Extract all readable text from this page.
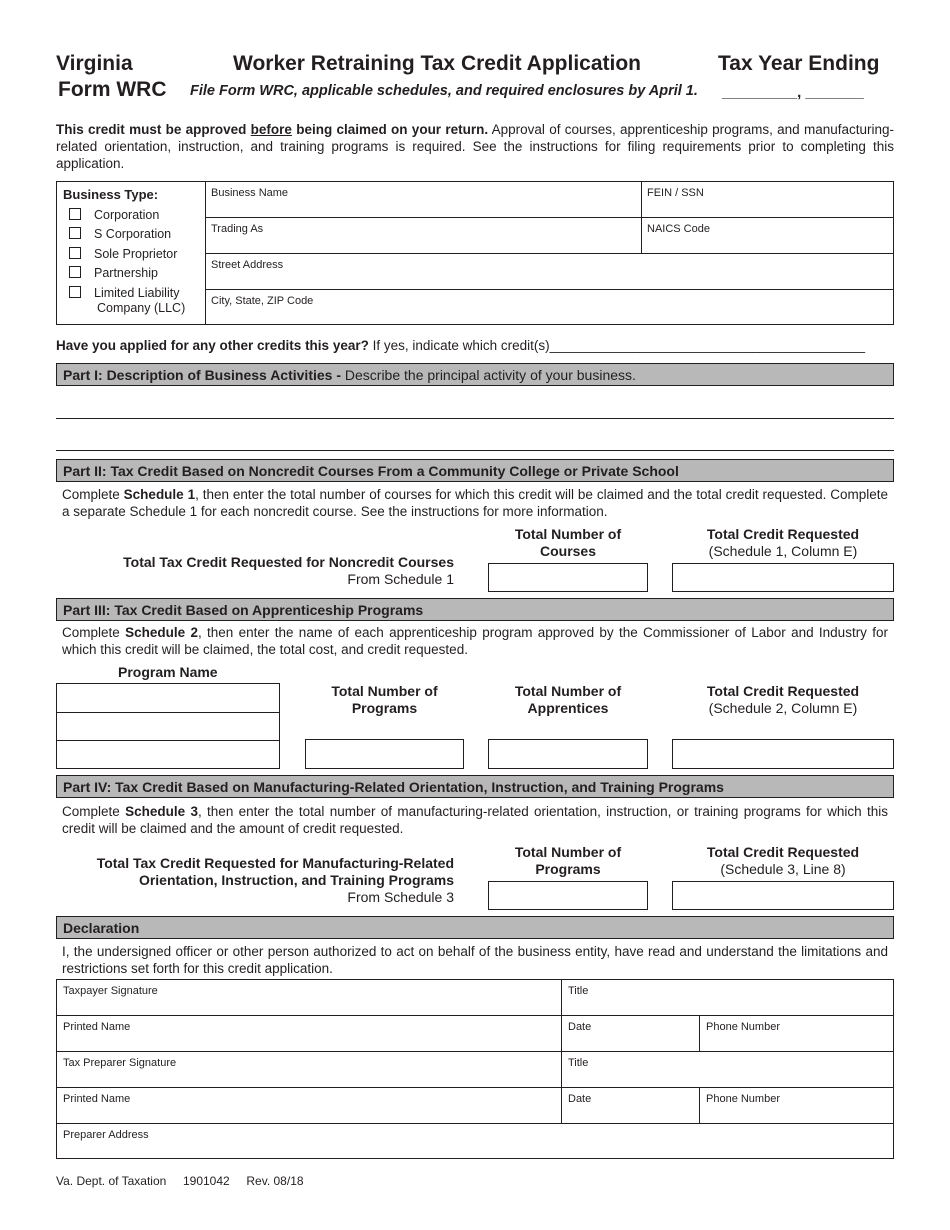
Virginia
Form WRC
Worker Retraining Tax Credit Application
File Form WRC, applicable schedules, and required enclosures by April 1.
Tax Year Ending
_________, _______
This credit must be approved before being claimed on your return. Approval of courses, apprenticeship programs, and manufacturing-related orientation, instruction, and training programs is required. See the instructions for filing requirements prior to completing this application.
Business Type:
Corporation
S Corporation
Sole Proprietor
Partnership
Limited Liability
Company (LLC)
Business Name	FEIN / SSN
Trading As	NAICS Code
Street Address
City, State, ZIP Code
Have you applied for any other credits this year? If yes, indicate which credit(s)__________________________________________
Part I: Description of Business Activities - Describe the principal activity of your business.
Part II: Tax Credit Based on Noncredit Courses From a Community College or Private School
Complete Schedule 1, then enter the total number of courses for which this credit will be claimed and the total credit requested. Complete a separate Schedule 1 for each noncredit course. See the instructions for more information.
Total Number of
Courses
Total Credit Requested
(Schedule 1, Column E)
Total Tax Credit Requested for Noncredit Courses
From Schedule 1
Part III: Tax Credit Based on Apprenticeship Programs
Complete Schedule 2, then enter the name of each apprenticeship program approved by the Commissioner of Labor and Industry for which this credit will be claimed, the total cost, and credit requested.
Program Name
Total Number of
Programs
Total Number of
Apprentices
Total Credit Requested
(Schedule 2, Column E)
Part IV: Tax Credit Based on Manufacturing-Related Orientation, Instruction, and Training Programs
Complete Schedule 3, then enter the total number of manufacturing-related orientation, instruction, or training programs for which this credit will be claimed and the amount of credit requested.
Total Number of
Programs
Total Credit Requested
(Schedule 3, Line 8)
Total Tax Credit Requested for Manufacturing-Related
Orientation, Instruction, and Training Programs
From Schedule 3
Declaration
I, the undersigned officer or other person authorized to act on behalf of the business entity, have read and understand the limitations and restrictions set forth for this credit application.
Taxpayer Signature	Title
Printed Name	Date	Phone Number
Tax Preparer Signature	Title
Printed Name	Date	Phone Number
Preparer Address
Va. Dept. of Taxation 1901042 Rev. 08/18
